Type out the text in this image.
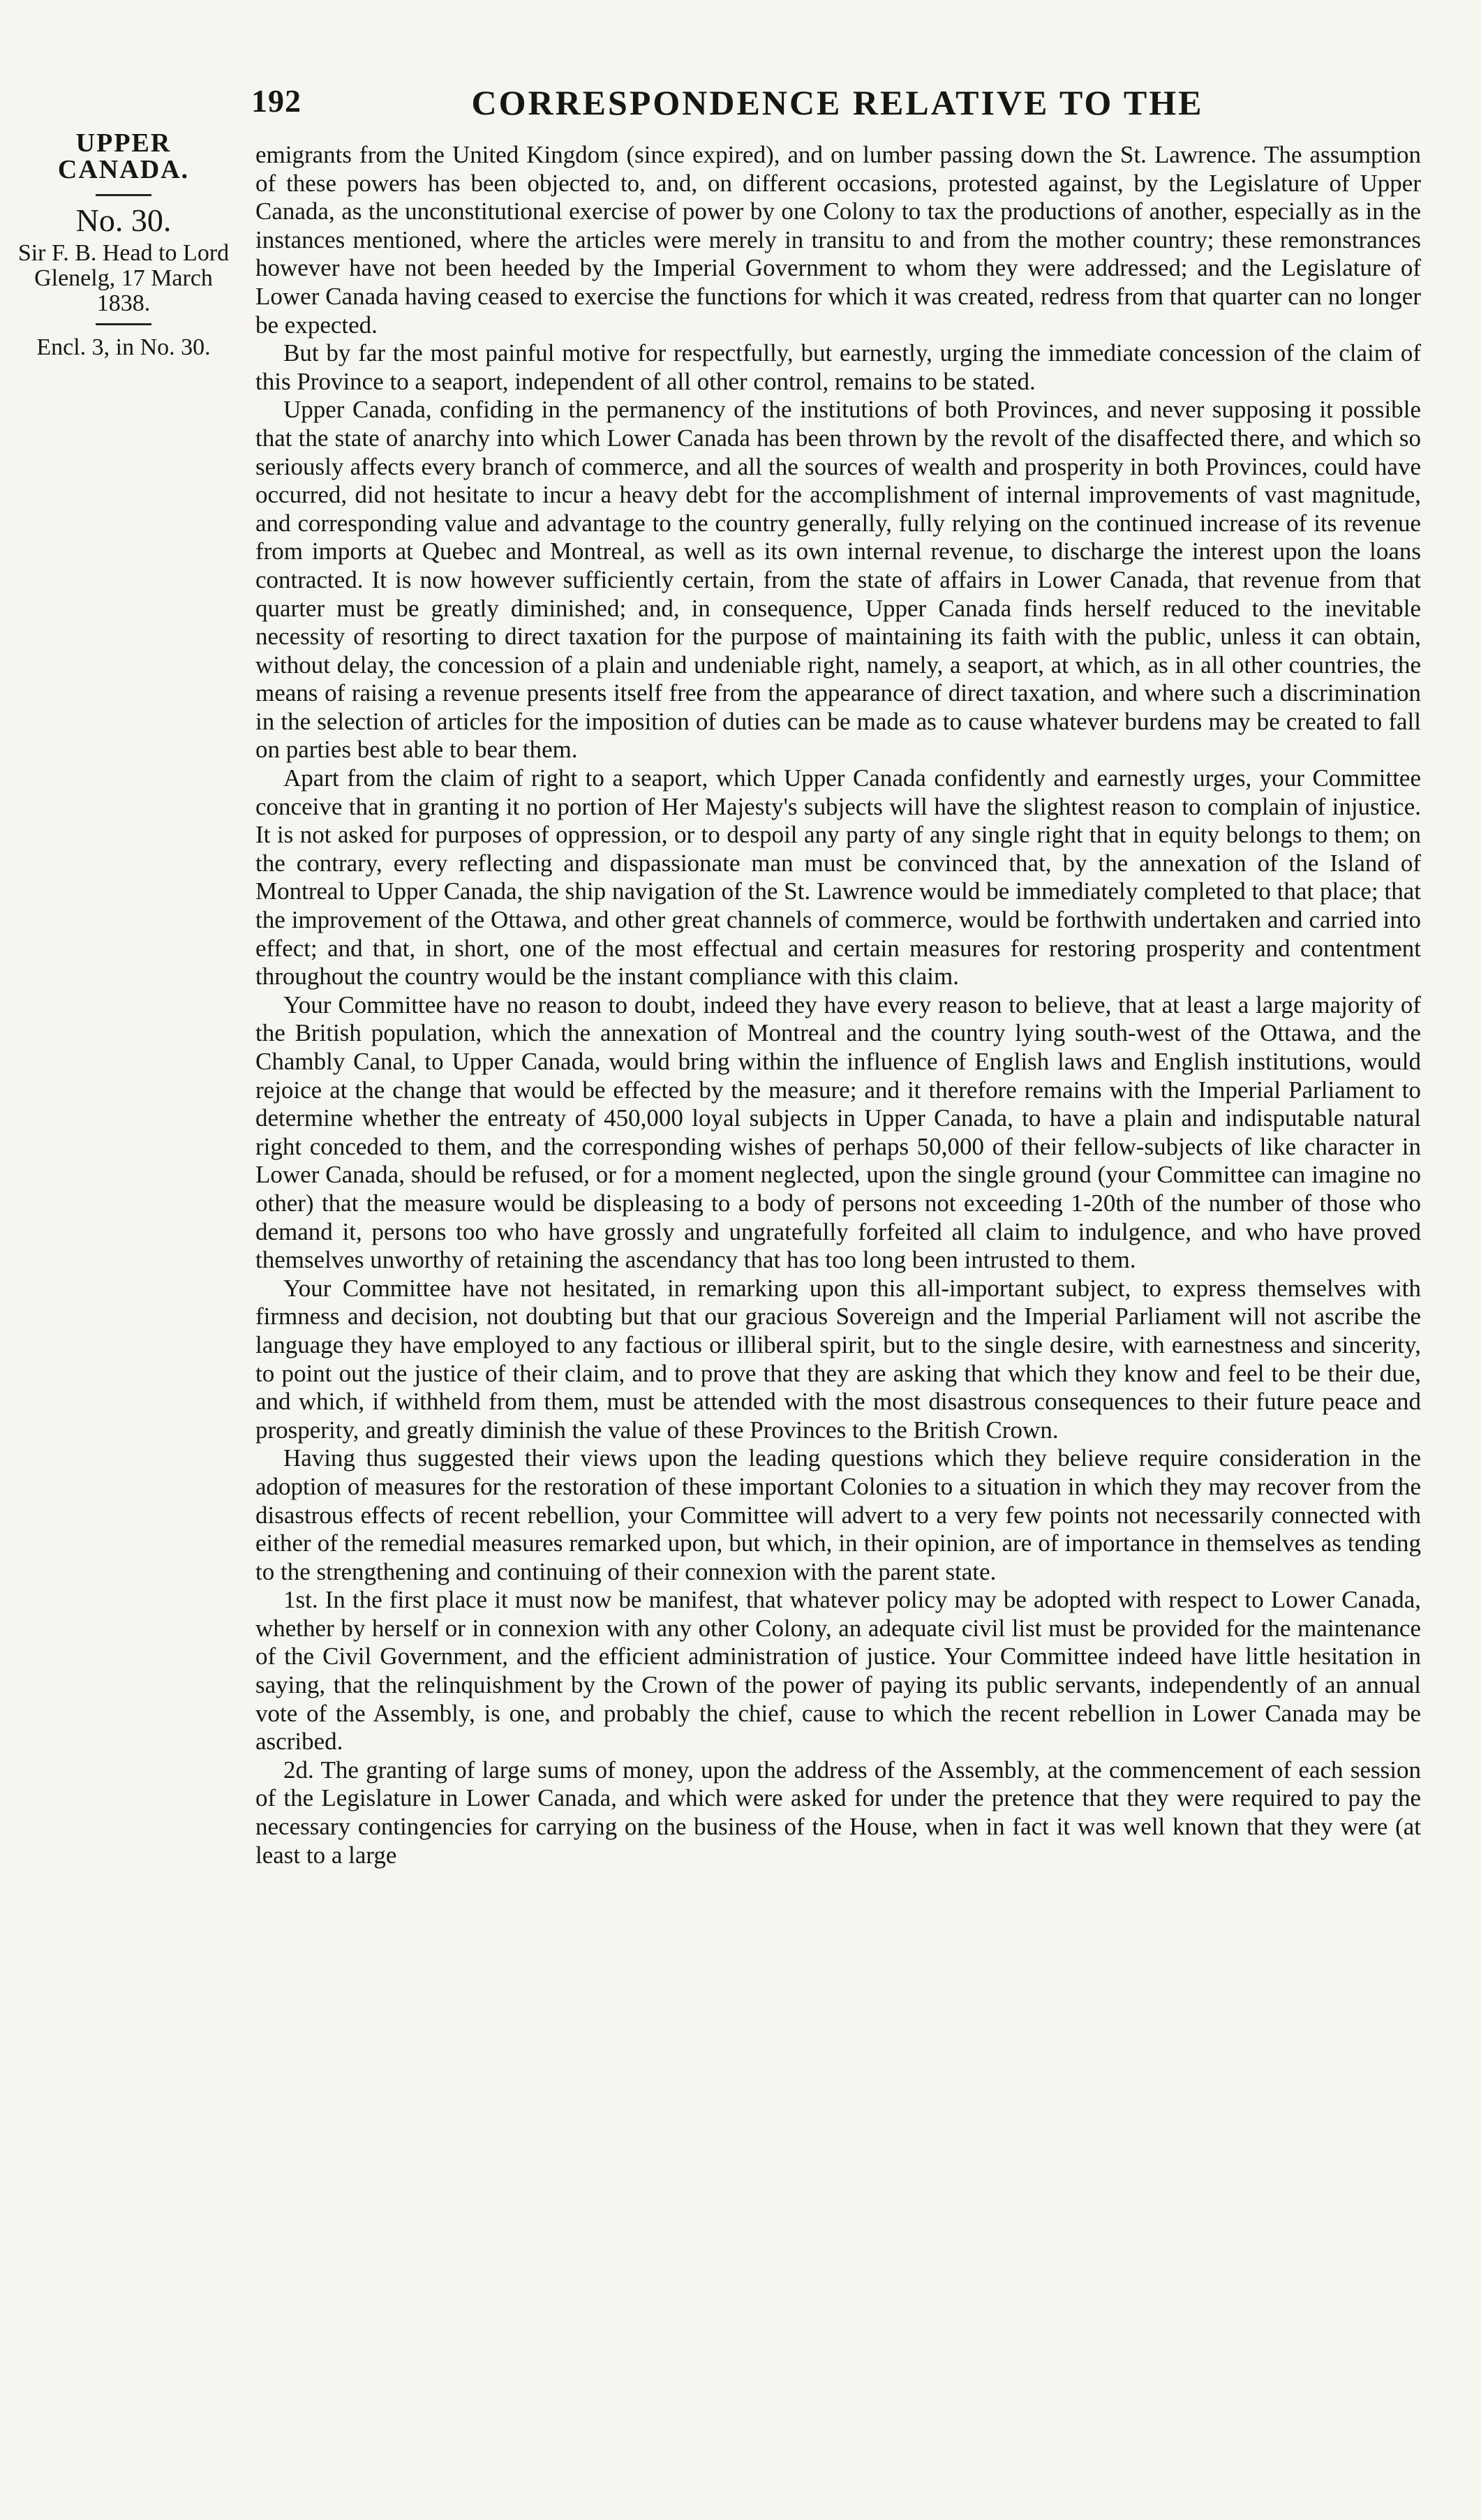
192	CORRESPONDENCE RELATIVE TO THE
UPPER CANADA.
No. 30.
Sir F. B. Head to Lord Glenelg, 17 March 1838.
Encl. 3, in No. 30.

emigrants from the United Kingdom (since expired), and on lumber passing down the St. Lawrence. The assumption of these powers has been objected to, and, on different occasions, protested against, by the Legislature of Upper Canada, as the unconstitutional exercise of power by one Colony to tax the productions of another, especially as in the instances mentioned, where the articles were merely in transitu to and from the mother country; these remonstrances however have not been heeded by the Imperial Government to whom they were addressed; and the Legislature of Lower Canada having ceased to exercise the functions for which it was created, redress from that quarter can no longer be expected.

But by far the most painful motive for respectfully, but earnestly, urging the immediate concession of the claim of this Province to a seaport, independent of all other control, remains to be stated.

Upper Canada, confiding in the permanency of the institutions of both Provinces, and never supposing it possible that the state of anarchy into which Lower Canada has been thrown by the revolt of the disaffected there, and which so seriously affects every branch of commerce, and all the sources of wealth and prosperity in both Provinces, could have occurred, did not hesitate to incur a heavy debt for the accomplishment of internal improvements of vast magnitude, and corresponding value and advantage to the country generally, fully relying on the continued increase of its revenue from imports at Quebec and Montreal, as well as its own internal revenue, to discharge the interest upon the loans contracted. It is now however sufficiently certain, from the state of affairs in Lower Canada, that revenue from that quarter must be greatly diminished; and, in consequence, Upper Canada finds herself reduced to the inevitable necessity of resorting to direct taxation for the purpose of maintaining its faith with the public, unless it can obtain, without delay, the concession of a plain and undeniable right, namely, a seaport, at which, as in all other countries, the means of raising a revenue presents itself free from the appearance of direct taxation, and where such a discrimination in the selection of articles for the imposition of duties can be made as to cause whatever burdens may be created to fall on parties best able to bear them.

Apart from the claim of right to a seaport, which Upper Canada confidently and earnestly urges, your Committee conceive that in granting it no portion of Her Majesty's subjects will have the slightest reason to complain of injustice. It is not asked for purposes of oppression, or to despoil any party of any single right that in equity belongs to them; on the contrary, every reflecting and dispassionate man must be convinced that, by the annexation of the Island of Montreal to Upper Canada, the ship navigation of the St. Lawrence would be immediately completed to that place; that the improvement of the Ottawa, and other great channels of commerce, would be forthwith undertaken and carried into effect; and that, in short, one of the most effectual and certain measures for restoring prosperity and contentment throughout the country would be the instant compliance with this claim.

Your Committee have no reason to doubt, indeed they have every reason to believe, that at least a large majority of the British population, which the annexation of Montreal and the country lying south-west of the Ottawa, and the Chambly Canal, to Upper Canada, would bring within the influence of English laws and English institutions, would rejoice at the change that would be effected by the measure; and it therefore remains with the Imperial Parliament to determine whether the entreaty of 450,000 loyal subjects in Upper Canada, to have a plain and indisputable natural right conceded to them, and the corresponding wishes of perhaps 50,000 of their fellow-subjects of like character in Lower Canada, should be refused, or for a moment neglected, upon the single ground (your Committee can imagine no other) that the measure would be displeasing to a body of persons not exceeding 1-20th of the number of those who demand it, persons too who have grossly and ungratefully forfeited all claim to indulgence, and who have proved themselves unworthy of retaining the ascendancy that has too long been intrusted to them.

Your Committee have not hesitated, in remarking upon this all-important subject, to express themselves with firmness and decision, not doubting but that our gracious Sovereign and the Imperial Parliament will not ascribe the language they have employed to any factious or illiberal spirit, but to the single desire, with earnestness and sincerity, to point out the justice of their claim, and to prove that they are asking that which they know and feel to be their due, and which, if withheld from them, must be attended with the most disastrous consequences to their future peace and prosperity, and greatly diminish the value of these Provinces to the British Crown.

Having thus suggested their views upon the leading questions which they believe require consideration in the adoption of measures for the restoration of these important Colonies to a situation in which they may recover from the disastrous effects of recent rebellion, your Committee will advert to a very few points not necessarily connected with either of the remedial measures remarked upon, but which, in their opinion, are of importance in themselves as tending to the strengthening and continuing of their connexion with the parent state.

1st. In the first place it must now be manifest, that whatever policy may be adopted with respect to Lower Canada, whether by herself or in connexion with any other Colony, an adequate civil list must be provided for the maintenance of the Civil Government, and the efficient administration of justice. Your Committee indeed have little hesitation in saying, that the relinquishment by the Crown of the power of paying its public servants, independently of an annual vote of the Assembly, is one, and probably the chief, cause to which the recent rebellion in Lower Canada may be ascribed.

2d. The granting of large sums of money, upon the address of the Assembly, at the commencement of each session of the Legislature in Lower Canada, and which were asked for under the pretence that they were required to pay the necessary contingencies for carrying on the business of the House, when in fact it was well known that they were (at least to a large
